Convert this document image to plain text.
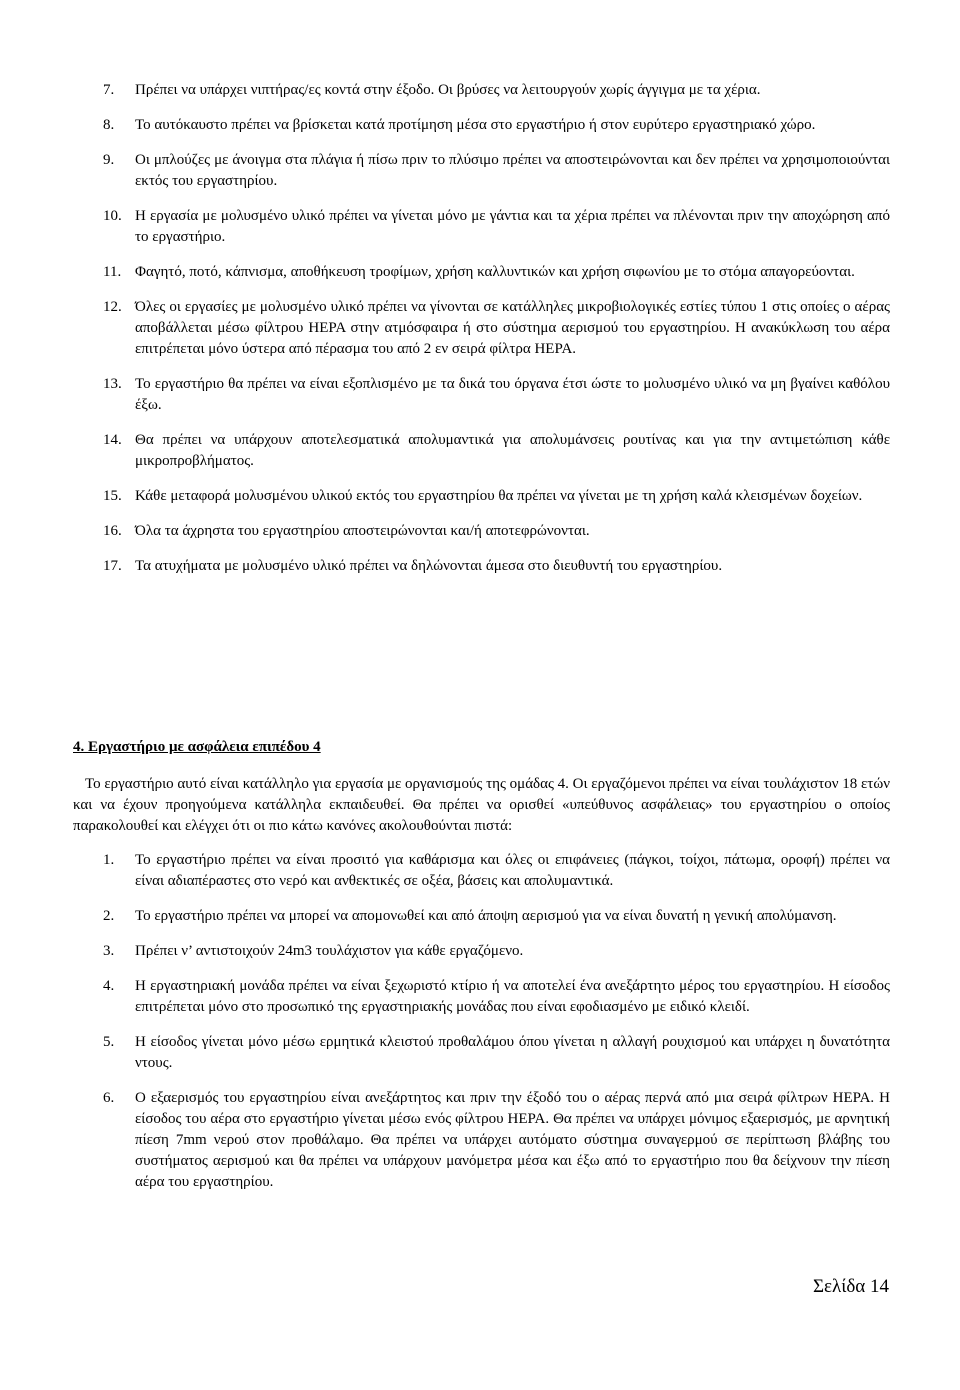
7. Πρέπει να υπάρχει νιπτήρας/ες κοντά στην έξοδο. Οι βρύσες να λειτουργούν χωρίς άγγιγμα με τα χέρια.
8. Το αυτόκαυστο πρέπει να βρίσκεται κατά προτίμηση μέσα στο εργαστήριο ή στον ευρύτερο εργαστηριακό χώρο.
9. Οι μπλούζες με άνοιγμα στα πλάγια ή πίσω πριν το πλύσιμο πρέπει να αποστειρώνονται και δεν πρέπει να χρησιμοποιούνται εκτός του εργαστηρίου.
10. Η εργασία με μολυσμένο υλικό πρέπει να γίνεται μόνο με γάντια και τα χέρια πρέπει να πλένονται πριν την αποχώρηση από το εργαστήριο.
11. Φαγητό, ποτό, κάπνισμα, αποθήκευση τροφίμων, χρήση καλλυντικών και χρήση σιφωνίου με το στόμα απαγορεύονται.
12. Όλες οι εργασίες με μολυσμένο υλικό πρέπει να γίνονται σε κατάλληλες μικροβιολογικές εστίες τύπου 1 στις οποίες ο αέρας αποβάλλεται μέσω φίλτρου HEPA στην ατμόσφαιρα ή στο σύστημα αερισμού του εργαστηρίου. Η ανακύκλωση του αέρα επιτρέπεται μόνο ύστερα από πέρασμα του από 2 εν σειρά φίλτρα HEPA.
13. Το εργαστήριο θα πρέπει να είναι εξοπλισμένο με τα δικά του όργανα έτσι ώστε το μολυσμένο υλικό να μη βγαίνει καθόλου έξω.
14. Θα πρέπει να υπάρχουν αποτελεσματικά απολυμαντικά για απολυμάνσεις ρουτίνας και για την αντιμετώπιση κάθε μικροπροβλήματος.
15. Κάθε μεταφορά μολυσμένου υλικού εκτός του εργαστηρίου θα πρέπει να γίνεται με τη χρήση καλά κλεισμένων δοχείων.
16. Όλα τα άχρηστα του εργαστηρίου αποστειρώνονται και/ή αποτεφρώνονται.
17. Τα ατυχήματα με μολυσμένο υλικό πρέπει να δηλώνονται άμεσα στο διευθυντή του εργαστηρίου.
4. Εργαστήριο με ασφάλεια επιπέδου 4
Το εργαστήριο αυτό είναι κατάλληλο για εργασία με οργανισμούς της ομάδας 4. Οι εργαζόμενοι πρέπει να είναι τουλάχιστον 18 ετών και να έχουν προηγούμενα κατάλληλα εκπαιδευθεί. Θα πρέπει να ορισθεί «υπεύθυνος ασφάλειας» του εργαστηρίου ο οποίος παρακολουθεί και ελέγχει ότι οι πιο κάτω κανόνες ακολουθούνται πιστά:
1. Το εργαστήριο πρέπει να είναι προσιτό για καθάρισμα και όλες οι επιφάνειες (πάγκοι, τοίχοι, πάτωμα, οροφή) πρέπει να είναι αδιαπέραστες στο νερό και ανθεκτικές σε οξέα, βάσεις και απολυμαντικά.
2. Το εργαστήριο πρέπει να μπορεί να απομονωθεί και από άποψη αερισμού για να είναι δυνατή η γενική απολύμανση.
3. Πρέπει ν’ αντιστοιχούν 24m3 τουλάχιστον για κάθε εργαζόμενο.
4. Η εργαστηριακή μονάδα πρέπει να είναι ξεχωριστό κτίριο ή να αποτελεί ένα ανεξάρτητο μέρος του εργαστηρίου. Η είσοδος επιτρέπεται μόνο στο προσωπικό της εργαστηριακής μονάδας που είναι εφοδιασμένο με ειδικό κλειδί.
5. Η είσοδος γίνεται μόνο μέσω ερμητικά κλειστού προθαλάμου όπου γίνεται η αλλαγή ρουχισμού και υπάρχει η δυνατότητα ντους.
6. Ο εξαερισμός του εργαστηρίου είναι ανεξάρτητος και πριν την έξοδό του ο αέρας περνά από μια σειρά φίλτρων HEPA. Η είσοδος του αέρα στο εργαστήριο γίνεται μέσω ενός φίλτρου HEPA. Θα πρέπει να υπάρχει μόνιμος εξαερισμός, με αρνητική πίεση 7mm νερού στον προθάλαμο. Θα πρέπει να υπάρχει αυτόματο σύστημα συναγερμού σε περίπτωση βλάβης του συστήματος αερισμού και θα πρέπει να υπάρχουν μανόμετρα μέσα και έξω από το εργαστήριο που θα δείχνουν την πίεση αέρα του εργαστηρίου.
Σελίδα 14
